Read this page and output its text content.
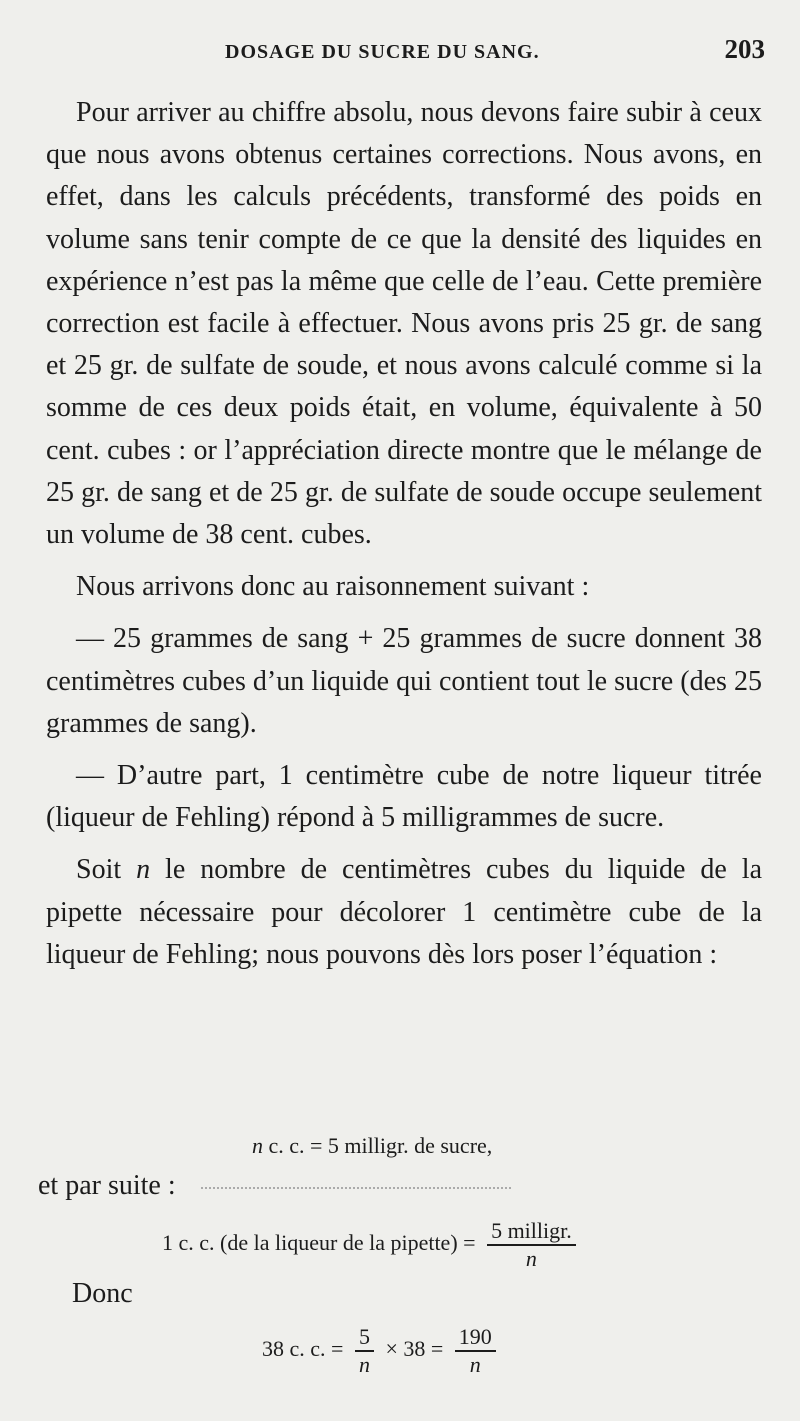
DOSAGE DU SUCRE DU SANG.	203

Pour arriver au chiffre absolu, nous devons faire subir à ceux que nous avons obtenus certaines corrections. Nous avons, en effet, dans les calculs précédents, transformé des poids en volume sans tenir compte de ce que la densité des liquides en expérience n’est pas la même que celle de l’eau. Cette première correction est facile à effectuer. Nous avons pris 25 gr. de sang et 25 gr. de sulfate de soude, et nous avons calculé comme si la somme de ces deux poids était, en volume, équivalente à 50 cent. cubes : or l’appréciation directe montre que le mélange de 25 gr. de sang et de 25 gr. de sulfate de soude occupe seulement un volume de 38 cent. cubes.

Nous arrivons donc au raisonnement suivant :

— 25 grammes de sang + 25 grammes de sucre donnent 38 centimètres cubes d’un liquide qui contient tout le sucre (des 25 grammes de sang).

— D’autre part, 1 centimètre cube de notre liqueur titrée (liqueur de Fehling) répond à 5 milligrammes de sucre.

Soit n le nombre de centimètres cubes du liquide de la pipette nécessaire pour décolorer 1 centimètre cube de la liqueur de Fehling; nous pouvons dès lors poser l’équation :

n c. c. = 5 milligr. de sucre,
et par suite :
1 c. c. (de la liqueur de la pipette) = $\frac{\text{5 milligr.}}{n}$
Donc
38 c. c. = $\frac{5}{n} \times 38 = \frac{190}{n}$
